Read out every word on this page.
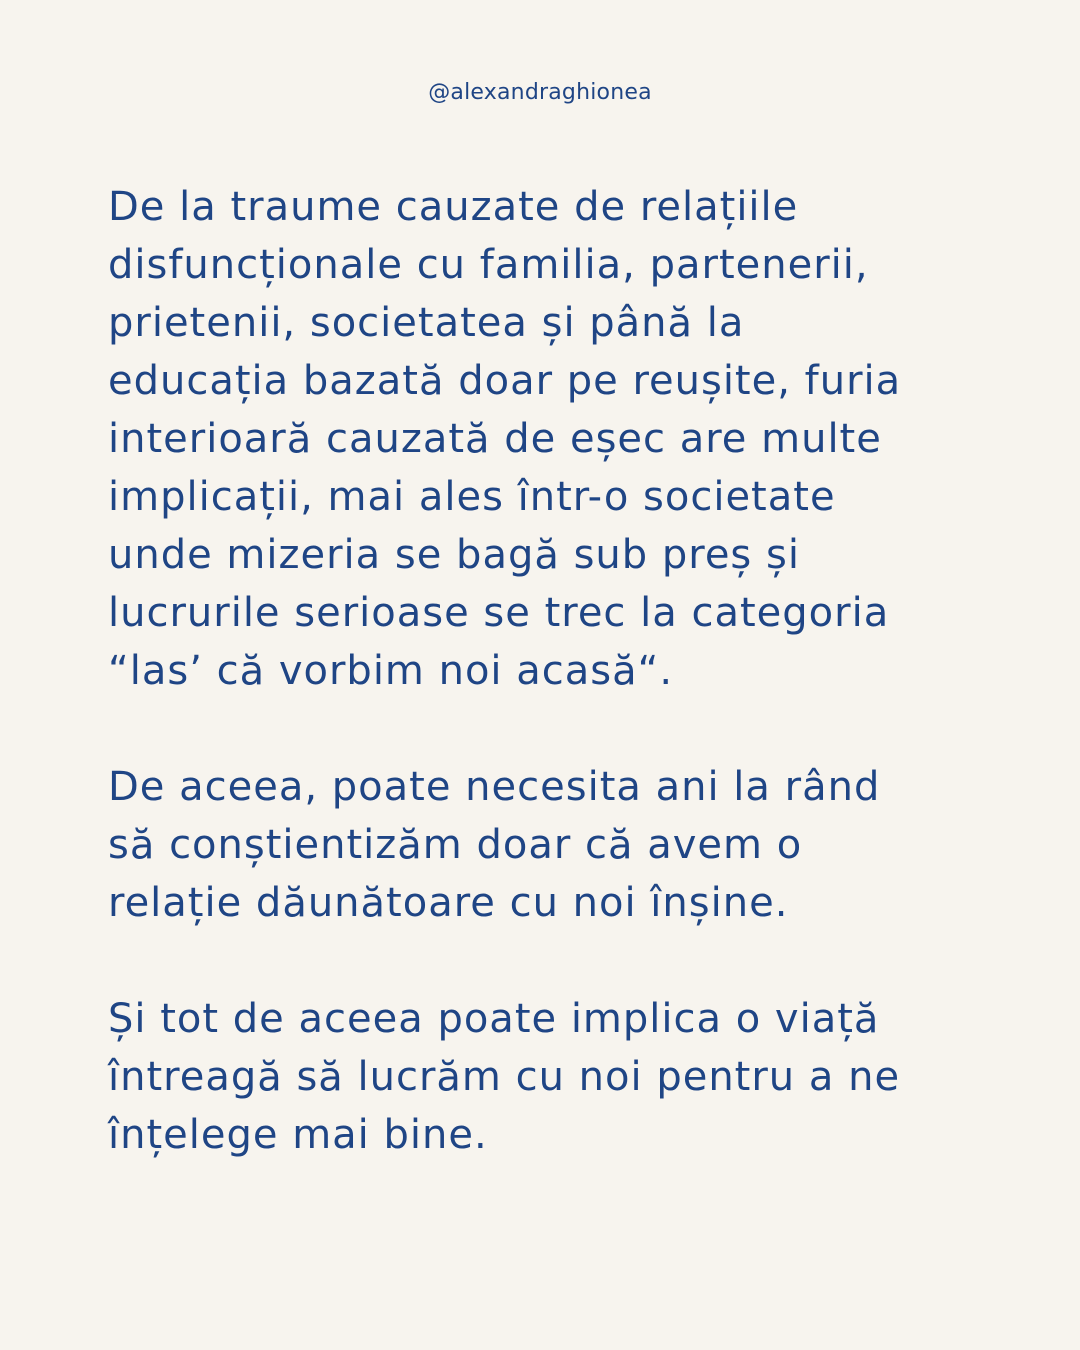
@alexandraghionea
De la traume cauzate de relațiile
disfuncționale cu familia, partenerii,
prietenii, societatea și până la
educația bazată doar pe reușite, furia
interioară cauzată de eșec are multe
implicații, mai ales într-o societate
unde mizeria se bagă sub preș și
lucrurile serioase se trec la categoria
“las’ că vorbim noi acasă“.
De aceea, poate necesita ani la rând
să conștientizăm doar că avem o
relație dăunătoare cu noi înșine.
Și tot de aceea poate implica o viață
întreagă să lucrăm cu noi pentru a ne
înțelege mai bine.
